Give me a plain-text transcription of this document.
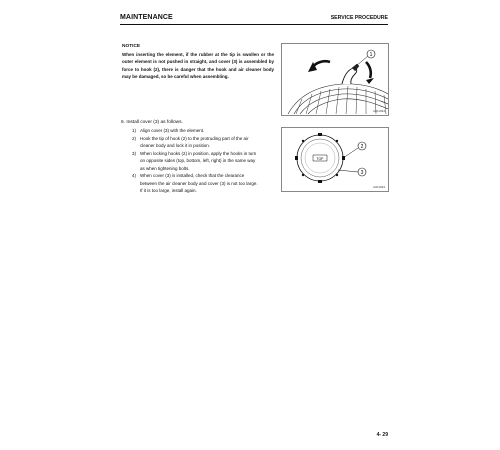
MAINTENANCE	SERVICE PROCEDURE
NOTICE

When inserting the element, if the rubber at the tip is swollen or the outer element is not pushed in straight, and cover (3) is assembled by force to hook (2), there is danger that the hook and air cleaner body may be damaged, so be careful when assembling.

1
A001994
TOP
2
3
A001993
6. Install cover (3) as follows.
1) Align cover (3) with the element.
2) Hook the tip of hook (2) to the protruding part of the air
cleaner body and lock it in position.
3) When locking hooks (2) in position, apply the hooks in turn
on opposite sides (top, bottom, left, right) in the same way
as when tightening bolts.
4) When cover (3) is installed, check that the clearance
between the air cleaner body and cover (3) is not too large.
If it is too large, install again.
4- 29
